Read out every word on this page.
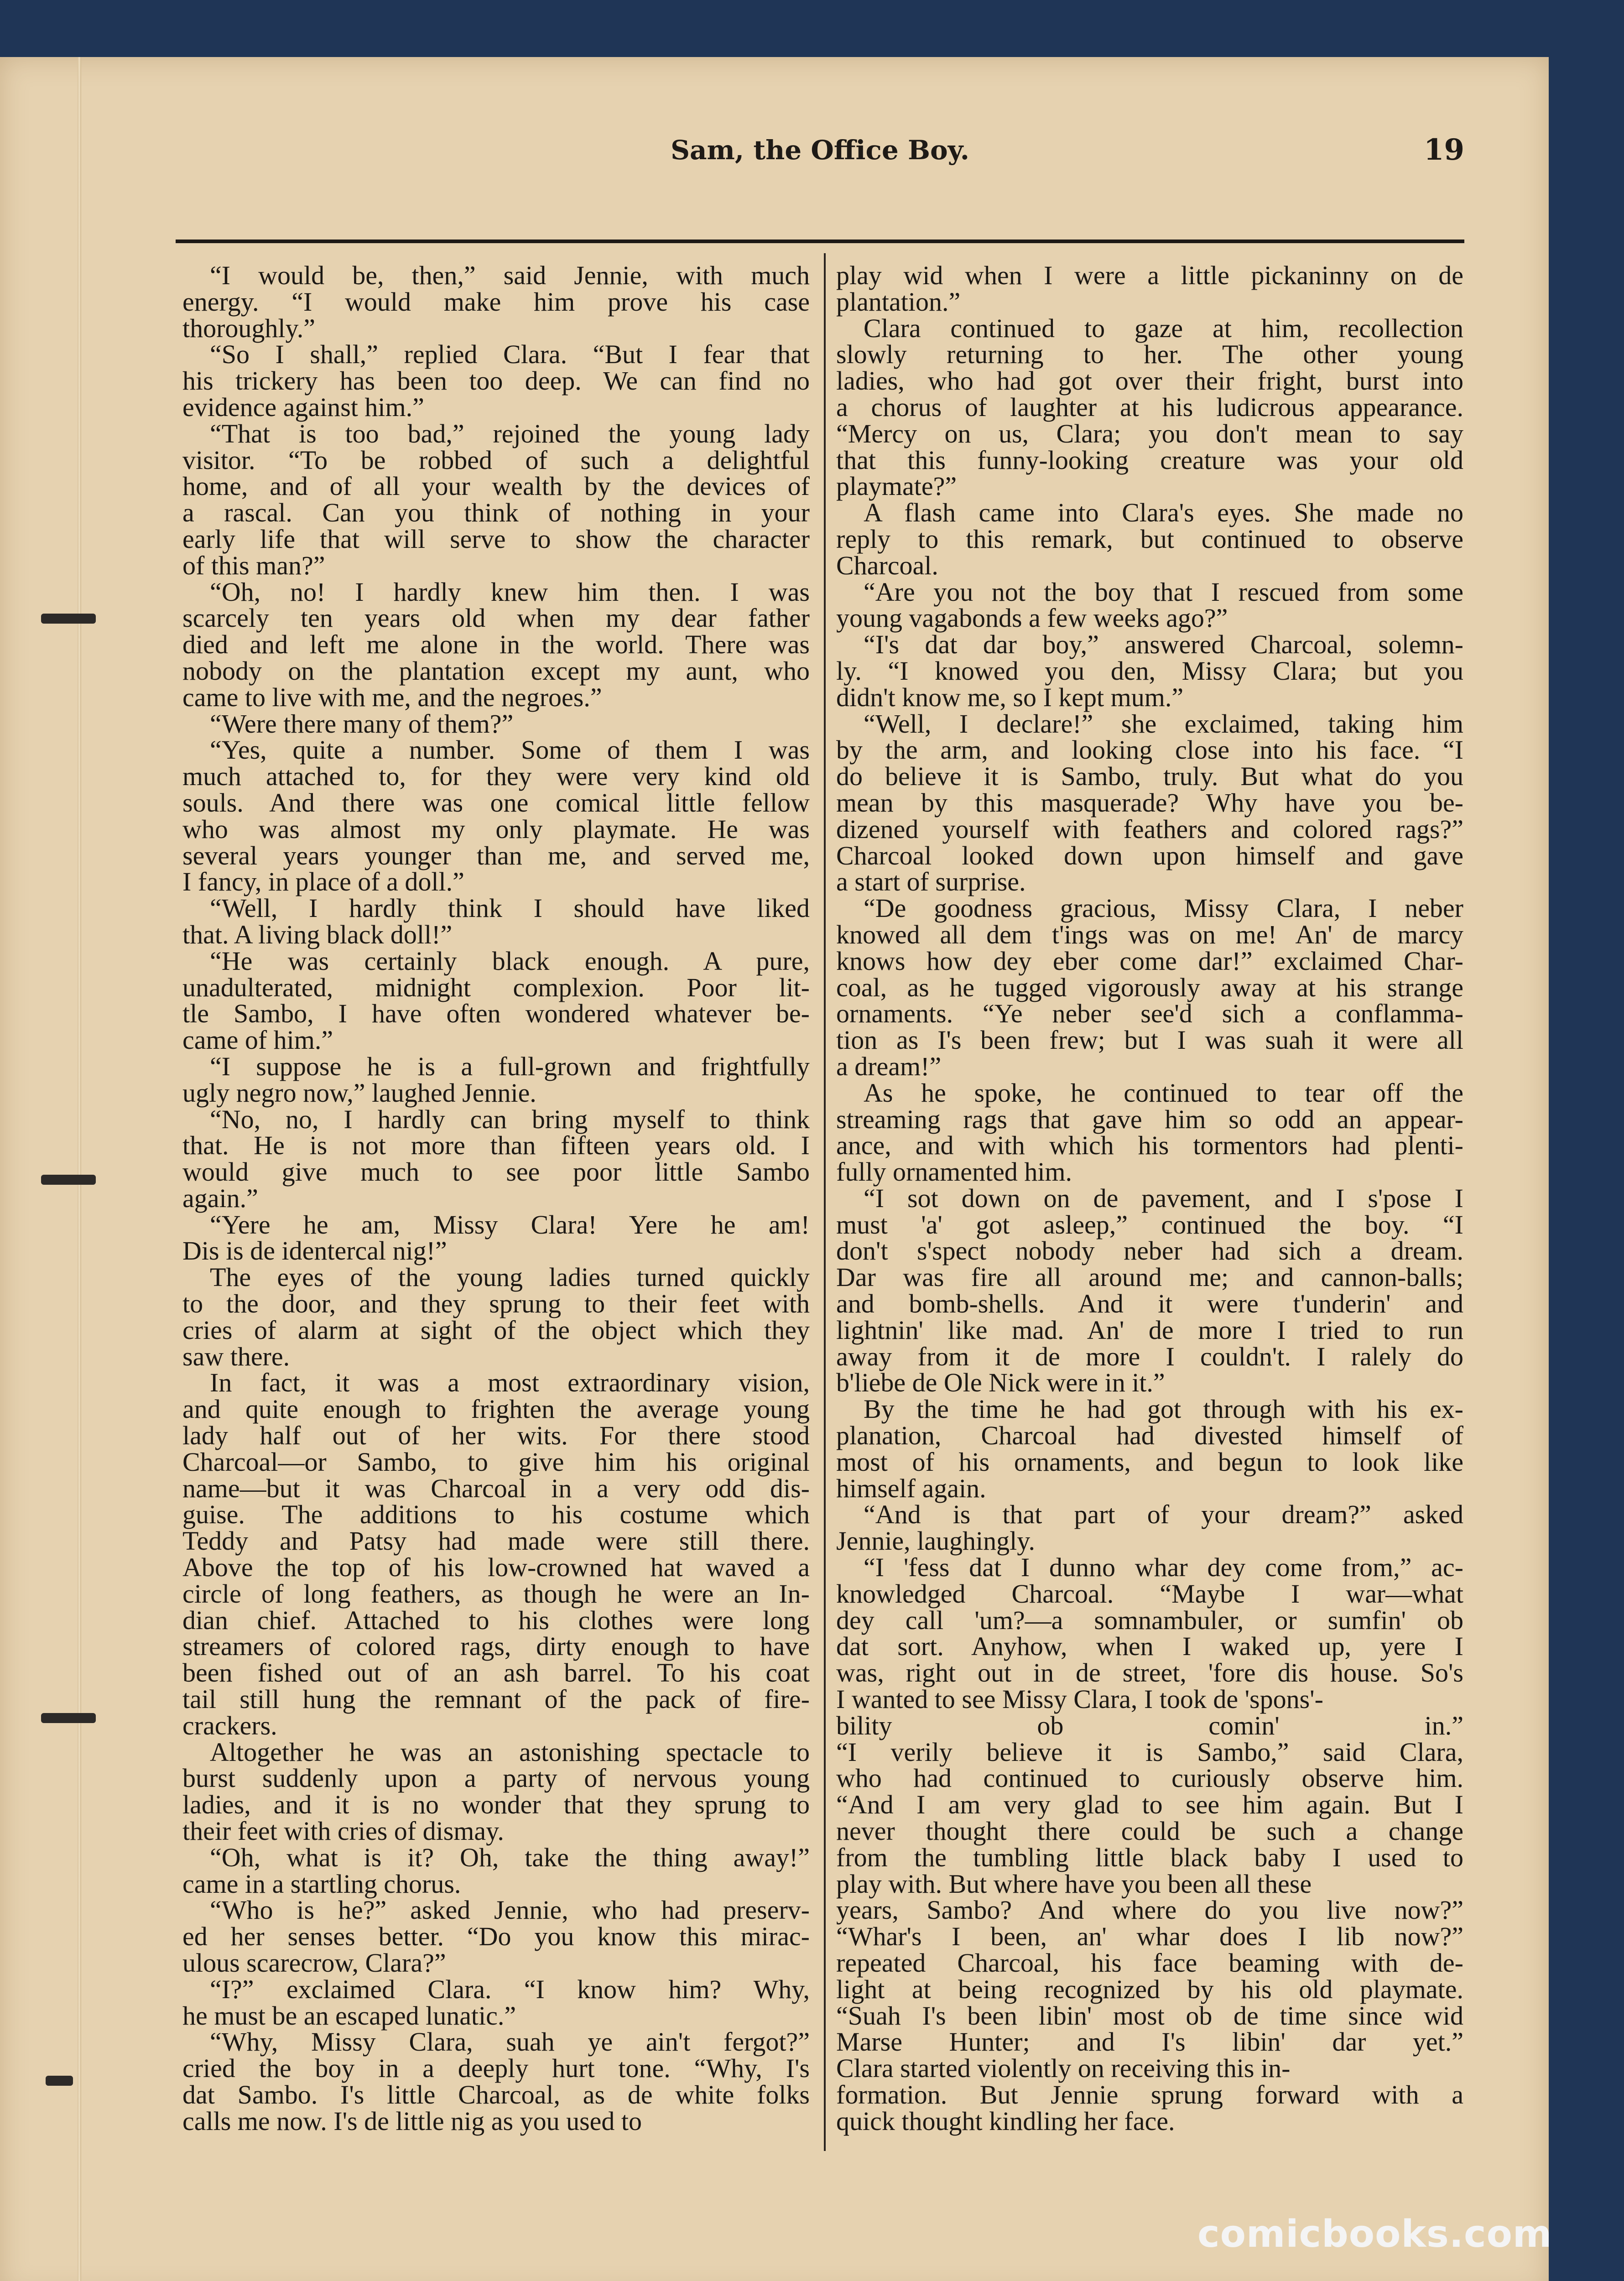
Sam, the Office Boy.	19
“I would be, then,” said Jennie, with much
energy. “I would make him prove his case
thoroughly.”
“So I shall,” replied Clara. “But I fear that
his trickery has been too deep. We can find no
evidence against him.”
“That is too bad,” rejoined the young lady
visitor. “To be robbed of such a delightful
home, and of all your wealth by the devices of
a rascal. Can you think of nothing in your
early life that will serve to show the character
of this man?”
“Oh, no! I hardly knew him then. I was
scarcely ten years old when my dear father
died and left me alone in the world. There was
nobody on the plantation except my aunt, who
came to live with me, and the negroes.”
“Were there many of them?”
“Yes, quite a number. Some of them I was
much attached to, for they were very kind old
souls. And there was one comical little fellow
who was almost my only playmate. He was
several years younger than me, and served me,
I fancy, in place of a doll.”
“Well, I hardly think I should have liked
that. A living black doll!”
“He was certainly black enough. A pure,
unadulterated, midnight complexion. Poor lit-
tle Sambo, I have often wondered whatever be-
came of him.”
“I suppose he is a full-grown and frightfully
ugly negro now,” laughed Jennie.
“No, no, I hardly can bring myself to think
that. He is not more than fifteen years old. I
would give much to see poor little Sambo
again.”
“Yere he am, Missy Clara! Yere he am!
Dis is de identercal nig!”
The eyes of the young ladies turned quickly
to the door, and they sprung to their feet with
cries of alarm at sight of the object which they
saw there.
In fact, it was a most extraordinary vision,
and quite enough to frighten the average young
lady half out of her wits. For there stood
Charcoal—or Sambo, to give him his original
name—but it was Charcoal in a very odd dis-
guise. The additions to his costume which
Teddy and Patsy had made were still there.
Above the top of his low-crowned hat waved a
circle of long feathers, as though he were an In-
dian chief. Attached to his clothes were long
streamers of colored rags, dirty enough to have
been fished out of an ash barrel. To his coat
tail still hung the remnant of the pack of fire-
crackers.
Altogether he was an astonishing spectacle to
burst suddenly upon a party of nervous young
ladies, and it is no wonder that they sprung to
their feet with cries of dismay.
“Oh, what is it? Oh, take the thing away!”
came in a startling chorus.
“Who is he?” asked Jennie, who had preserv-
ed her senses better. “Do you know this mirac-
ulous scarecrow, Clara?”
“I?” exclaimed Clara. “I know him? Why,
he must be an escaped lunatic.”
“Why, Missy Clara, suah ye ain't fergot?”
cried the boy in a deeply hurt tone. “Why, I's
dat Sambo. I's little Charcoal, as de white folks
calls me now. I's de little nig as you used to
play wid when I were a little pickaninny on de
plantation.”
Clara continued to gaze at him, recollection
slowly returning to her. The other young
ladies, who had got over their fright, burst into
a chorus of laughter at his ludicrous appearance.
“Mercy on us, Clara; you don't mean to say
that this funny-looking creature was your old
playmate?”
A flash came into Clara's eyes. She made no
reply to this remark, but continued to observe
Charcoal.
“Are you not the boy that I rescued from some
young vagabonds a few weeks ago?”
“I's dat dar boy,” answered Charcoal, solemn-
ly. “I knowed you den, Missy Clara; but you
didn't know me, so I kept mum.”
“Well, I declare!” she exclaimed, taking him
by the arm, and looking close into his face. “I
do believe it is Sambo, truly. But what do you
mean by this masquerade? Why have you be-
dizened yourself with feathers and colored rags?”
Charcoal looked down upon himself and gave
a start of surprise.
“De goodness gracious, Missy Clara, I neber
knowed all dem t'ings was on me! An' de marcy
knows how dey eber come dar!” exclaimed Char-
coal, as he tugged vigorously away at his strange
ornaments. “Ye neber see'd sich a conflamma-
tion as I's been frew; but I was suah it were all
a dream!”
As he spoke, he continued to tear off the
streaming rags that gave him so odd an appear-
ance, and with which his tormentors had plenti-
fully ornamented him.
“I sot down on de pavement, and I s'pose I
must 'a' got asleep,” continued the boy. “I
don't s'spect nobody neber had sich a dream.
Dar was fire all around me; and cannon-balls;
and bomb-shells. And it were t'underin' and
lightnin' like mad. An' de more I tried to run
away from it de more I couldn't. I ralely do
b'liebe de Ole Nick were in it.”
By the time he had got through with his ex-
planation, Charcoal had divested himself of
most of his ornaments, and begun to look like
himself again.
“And is that part of your dream?” asked
Jennie, laughingly.
“I 'fess dat I dunno whar dey come from,” ac-
knowledged Charcoal. “Maybe I war—what
dey call 'um?—a somnambuler, or sumfin' ob
dat sort. Anyhow, when I waked up, yere I
was, right out in de street, 'fore dis house. So's
I wanted to see Missy Clara, I took de 'spons'-
bility ob comin' in.”
“I verily believe it is Sambo,” said Clara,
who had continued to curiously observe him.
“And I am very glad to see him again. But I
never thought there could be such a change
from the tumbling little black baby I used to
play with. But where have you been all these
years, Sambo? And where do you live now?”
“Whar's I been, an' whar does I lib now?”
repeated Charcoal, his face beaming with de-
light at being recognized by his old playmate.
“Suah I's been libin' most ob de time since wid
Marse Hunter; and I's libin' dar yet.”
Clara started violently on receiving this in-
formation. But Jennie sprung forward with a
quick thought kindling her face.
comicbooks.com
